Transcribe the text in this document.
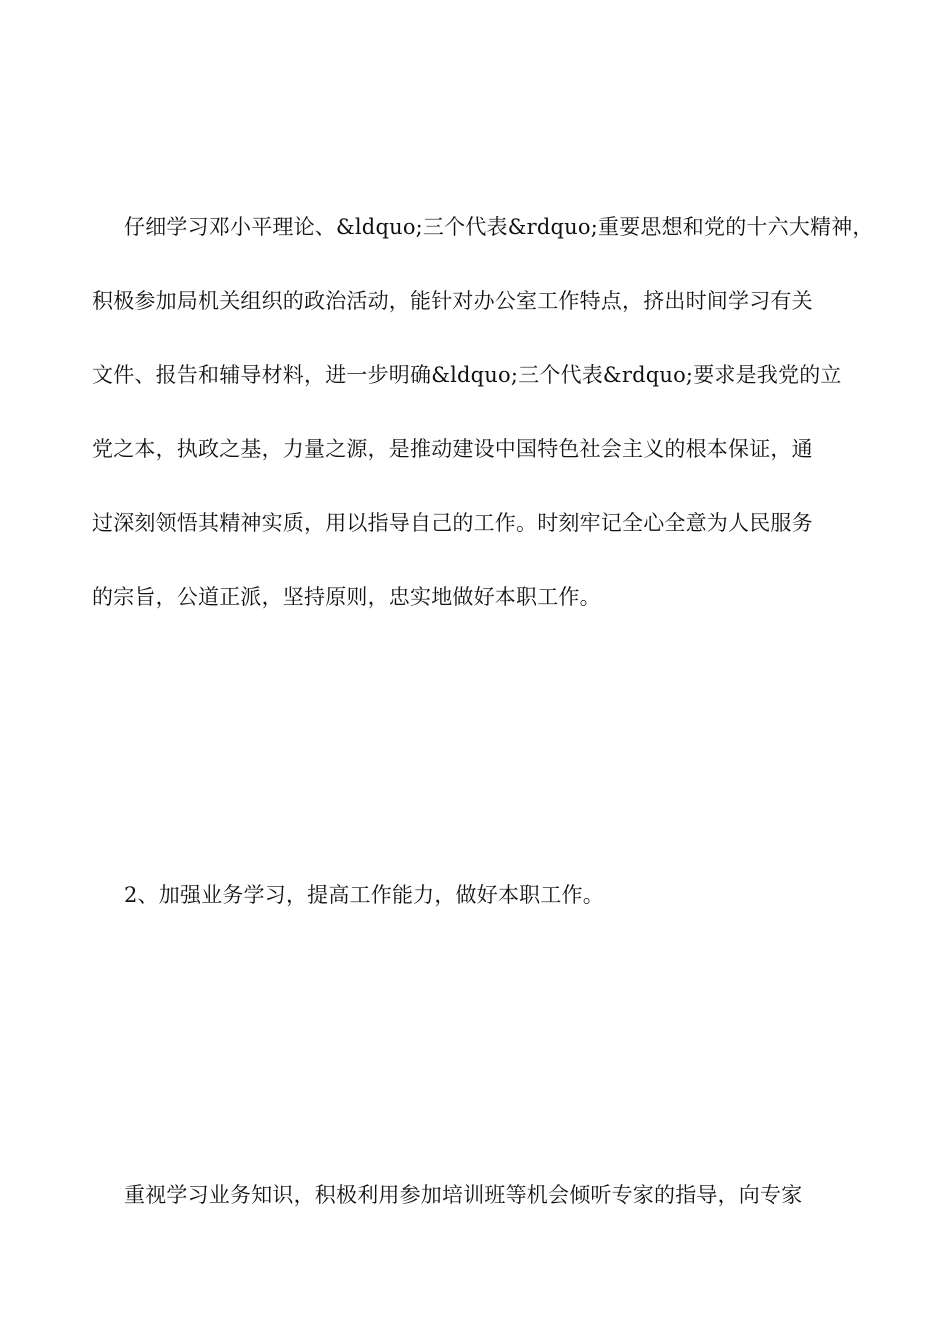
仔细学习邓小平理论、&ldquo;三个代表&rdquo;重要思想和党的十六大精神，
积极参加局机关组织的政治活动，能针对办公室工作特点，挤出时间学习有关
文件、报告和辅导材料，进一步明确&ldquo;三个代表&rdquo;要求是我党的立
党之本，执政之基，力量之源，是推动建设中国特色社会主义的根本保证，通
过深刻领悟其精神实质，用以指导自己的工作。时刻牢记全心全意为人民服务
的宗旨，公道正派，坚持原则，忠实地做好本职工作。
2、加强业务学习，提高工作能力，做好本职工作。
重视学习业务知识，积极利用参加培训班等机会倾听专家的指导，向专家
